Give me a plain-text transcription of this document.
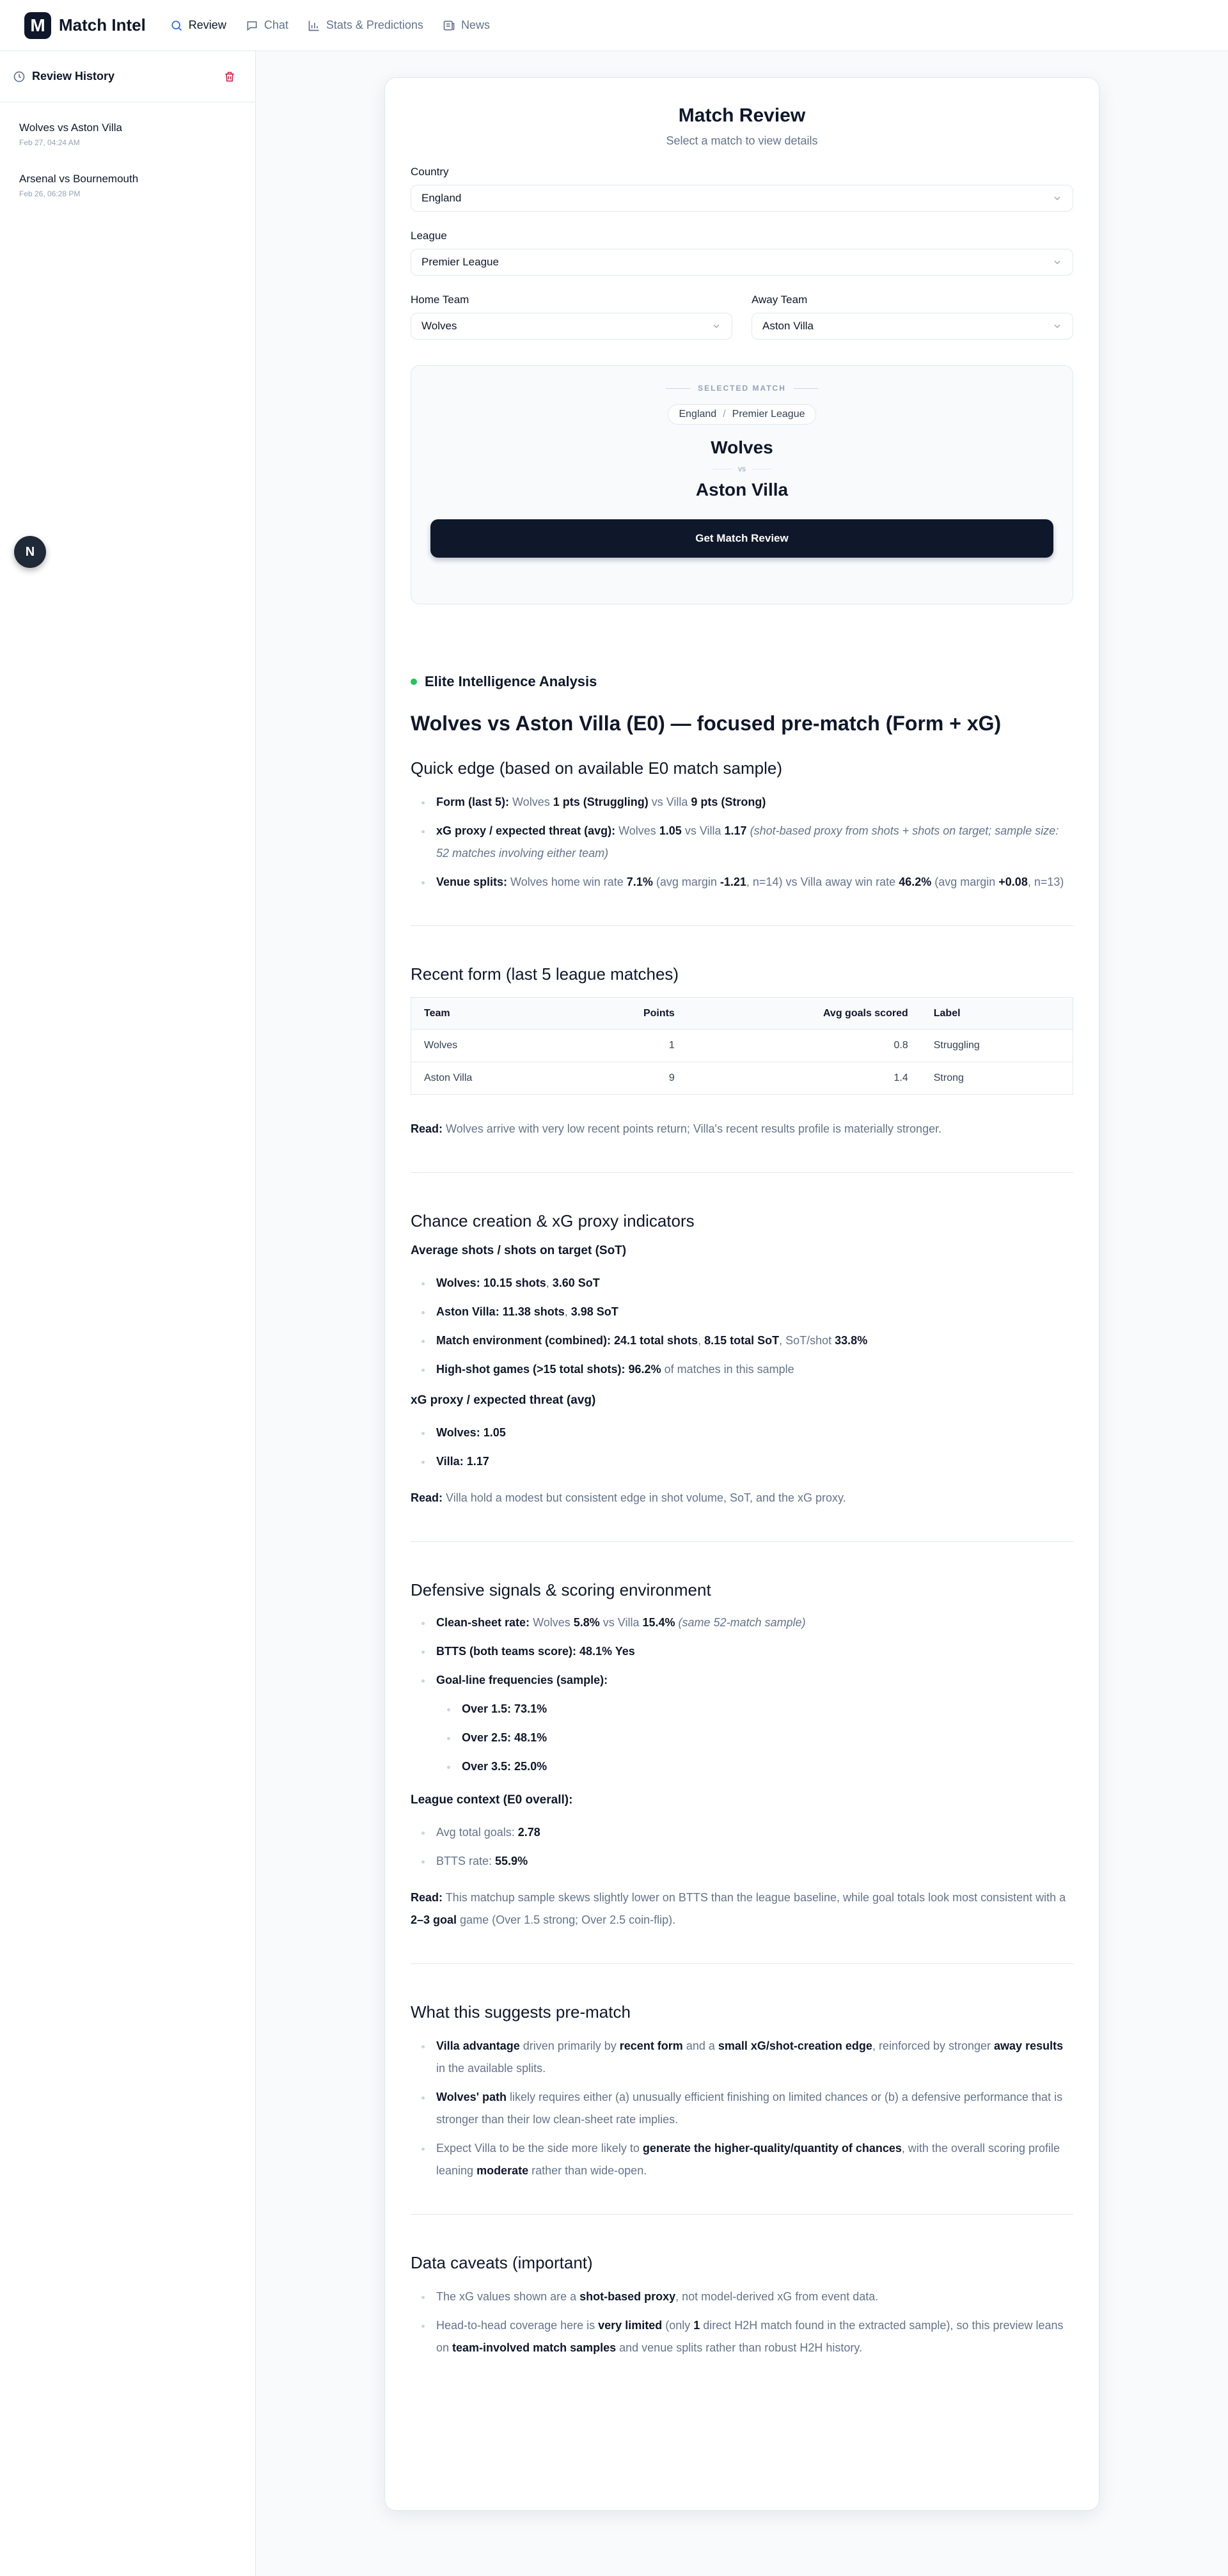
M Match Intel	Review	Chat	Stats & Predictions	News
Review History
Wolves vs Aston Villa
Feb 27, 04:24 AM
Arsenal vs Bournemouth
Feb 26, 06:28 PM
N
Match Review
Select a match to view details
Country
England
League
Premier League
Home Team
Wolves
Away Team
Aston Villa
SELECTED MATCH
England / Premier League
Wolves
vs
Aston Villa
Get Match Review
Elite Intelligence Analysis
Wolves vs Aston Villa (E0) — focused pre-match (Form + xG)
Quick edge (based on available E0 match sample)
Form (last 5): Wolves 1 pts (Struggling) vs Villa 9 pts (Strong)
xG proxy / expected threat (avg): Wolves 1.05 vs Villa 1.17 (shot-based proxy from shots + shots on target; sample size: 52 matches involving either team)
Venue splits: Wolves home win rate 7.1% (avg margin -1.21, n=14) vs Villa away win rate 46.2% (avg margin +0.08, n=13)
Recent form (last 5 league matches)
Team	Points	Avg goals scored	Label
Wolves	1	0.8	Struggling
Aston Villa	9	1.4	Strong

Read: Wolves arrive with very low recent points return; Villa's recent results profile is materially stronger.

Chance creation & xG proxy indicators
Average shots / shots on target (SoT)
Wolves: 10.15 shots, 3.60 SoT
Aston Villa: 11.38 shots, 3.98 SoT
Match environment (combined): 24.1 total shots, 8.15 total SoT, SoT/shot 33.8%
High-shot games (>15 total shots): 96.2% of matches in this sample
xG proxy / expected threat (avg)
Wolves: 1.05
Villa: 1.17

Read: Villa hold a modest but consistent edge in shot volume, SoT, and the xG proxy.

Defensive signals & scoring environment
Clean-sheet rate: Wolves 5.8% vs Villa 15.4% (same 52-match sample)
BTTS (both teams score): 48.1% Yes
Goal-line frequencies (sample):
Over 1.5: 73.1%
Over 2.5: 48.1%
Over 3.5: 25.0%
League context (E0 overall):
Avg total goals: 2.78
BTTS rate: 55.9%

Read: This matchup sample skews slightly lower on BTTS than the league baseline, while goal totals look most consistent with a 2–3 goal game (Over 1.5 strong; Over 2.5 coin-flip).

What this suggests pre-match
Villa advantage driven primarily by recent form and a small xG/shot-creation edge, reinforced by stronger away results in the available splits.
Wolves' path likely requires either (a) unusually efficient finishing on limited chances or (b) a defensive performance that is stronger than their low clean-sheet rate implies.
Expect Villa to be the side more likely to generate the higher-quality/quantity of chances, with the overall scoring profile leaning moderate rather than wide-open.
Data caveats (important)
The xG values shown are a shot-based proxy, not model-derived xG from event data.
Head-to-head coverage here is very limited (only 1 direct H2H match found in the extracted sample), so this preview leans on team-involved match samples and venue splits rather than robust H2H history.
